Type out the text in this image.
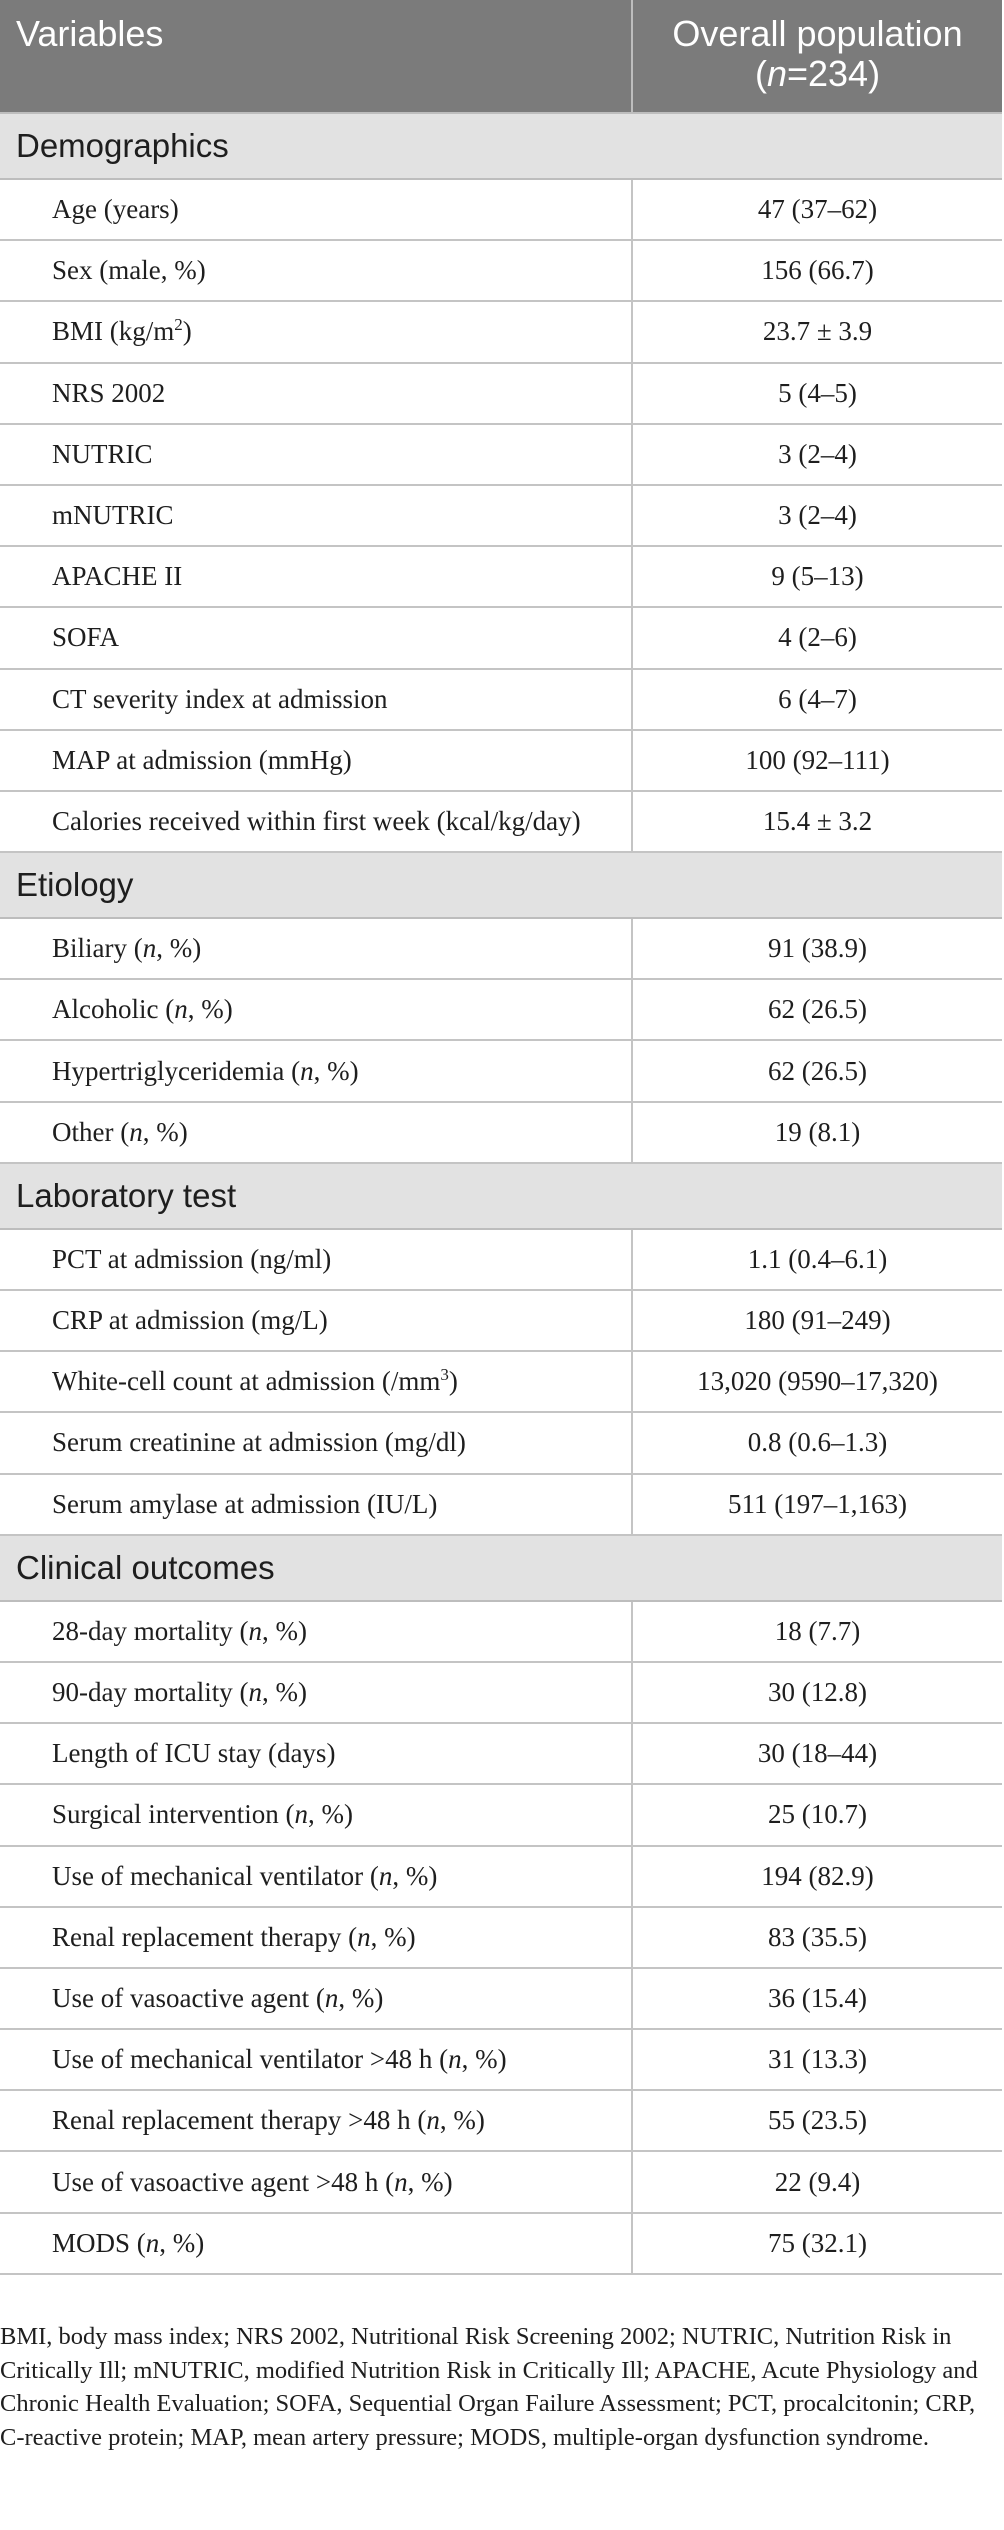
Variables	Overall population
(n=234)
Demographics	
Age (years)	47 (37–62)
Sex (male, %)	156 (66.7)
BMI $(kg/m^2)$	23.7 ± 3.9
NRS 2002	5 (4–5)
NUTRIC	3 (2–4)
mNUTRIC	3 (2–4)
APACHE II	9 (5–13)
SOFA	4 (2–6)
CT severity index at admission	6 (4–7)
MAP at admission (mmHg)	100 (92–111)
Calories received within first week (kcal/kg/day)	15.4 ± 3.2
Etiology	
Biliary (n, %)	91 (38.9)
Alcoholic (n, %)	62 (26.5)
Hypertriglyceridemia (n, %)	62 (26.5)
Other (n, %)	19 (8.1)
Laboratory test	
PCT at admission (ng/ml)	1.1 (0.4–6.1)
CRP at admission (mg/L)	180 (91–249)
White-cell count at admission $(/mm^3)$	13,020 (9590–17,320)
Serum creatinine at admission (mg/dl)	0.8 (0.6–1.3)
Serum amylase at admission (IU/L)	511 (197–1,163)
Clinical outcomes	
28-day mortality (n, %)	18 (7.7)
90-day mortality (n, %)	30 (12.8)
Length of ICU stay (days)	30 (18–44)
Surgical intervention (n, %)	25 (10.7)
Use of mechanical ventilator (n, %)	194 (82.9)
Renal replacement therapy (n, %)	83 (35.5)
Use of vasoactive agent (n, %)	36 (15.4)
Use of mechanical ventilator >48 h (n, %)	31 (13.3)
Renal replacement therapy >48 h (n, %)	55 (23.5)
Use of vasoactive agent >48 h (n, %)	22 (9.4)
MODS (n, %)	75 (32.1)

BMI, body mass index; NRS 2002, Nutritional Risk Screening 2002; NUTRIC, Nutrition Risk in Critically Ill; mNUTRIC, modified Nutrition Risk in Critically Ill; APACHE, Acute Physiology and Chronic Health Evaluation; SOFA, Sequential Organ Failure Assessment; PCT, procalcitonin; CRP, C-reactive protein; MAP, mean artery pressure; MODS, multiple-organ dysfunction syndrome.
